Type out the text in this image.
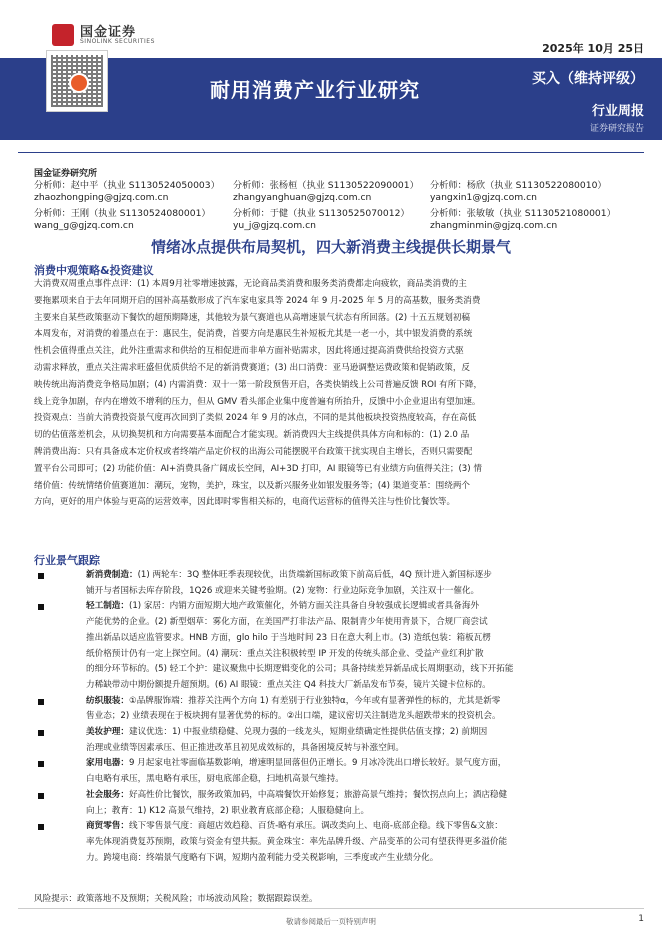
国金证券
SINOLINK SECURITIES
2025年 10月 25日
耐用消费产业行业研究	买入（维持评级）
行业周报
证券研究报告
国金证券研究所
分析师：赵中平（执业 S1130524050003）
zhaozhongping@gjzq.com.cn
分析师：张杨桓（执业 S1130522090001）
zhangyanghuan@gjzq.com.cn
分析师：杨欣（执业 S1130522080010）
yangxin1@gjzq.com.cn
分析师：王刚（执业 S1130524080001）
wang_g@gjzq.com.cn
分析师：于健（执业 S1130525070012）
yu_j@gjzq.com.cn
分析师：张敏敏（执业 S1130521080001）
zhangminmin@gjzq.com.cn
情绪冰点提供布局契机，四大新消费主线提供长期景气
消费中观策略&投资建议
大消费双周重点事件点评：(1) 本周9月社零增速披露，无论商品类消费和服务类消费都走向疲软，商品类消费的主
要拖累项来自于去年同期开启的国补高基数形成了汽车家电家具等 2024 年 9 月-2025 年 5 月的高基数，服务类消费
主要来自某些政策驱动下餐饮的超预期降速，其他较为景气赛道也从高增速景气状态有所回落。(2) 十五五规划初稿
本周发布，对消费的着墨点在于：惠民生，促消费，首要方向是惠民生补短板尤其是一老一小，其中银发消费的系统
性机会值得重点关注，此外注重需求和供给的互相促进而非单方面补贴需求，因此将通过提高消费供给投资方式驱
动需求释放，重点关注需求旺盛但优质供给不足的新消费赛道；(3) 出口消费：亚马逊调整运费政策和促销政策，反
映传统出海消费竞争格局加剧；(4) 内需消费：双十一第一阶段预售开启，各类快销线上公司普遍反馈 ROI 有所下降，
线上竞争加剧，存内在增效不增利的压力，但从 GMV 看头部企业集中度普遍有所抬升，反馈中小企业退出有望加速。
投资观点：当前大消费投资景气度再次回到了类似 2024 年 9 月的冰点，不同的是其他板块投资热度较高，存在高低
切的估值落差机会，从切换契机和方向需要基本面配合才能实现。新消费四大主线提供具体方向和标的：(1) 2.0 品
牌消费出海：只有具备成本定价权或者终端产品定价权的出海公司能摆脱平台政策干扰实现自主增长，否则只需要配
置平台公司即可；(2) 功能价值：AI+消费具备广阔成长空间，AI+3D 打印，AI 眼镜等已有业绩方向值得关注；(3) 情
绪价值：传统情绪价值赛道加：潮玩，宠物，美护，珠宝，以及新兴服务业如银发服务等；(4) 渠道变革：围绕两个
方向，更好的用户体验与更高的运营效率，因此即时零售相关标的，电商代运营标的值得关注与性价比餐饮等。
行业景气跟踪
新消费制造：(1) 两轮车：3Q 整体旺季表现较优，出货端新国标政策下前高后低，4Q 预计进入新国标逐步
铺开与者国标去库存阶段，1Q26 或迎来关键考验期。(2) 宠物：行业边际竞争加剧，关注双十一催化。
轻工制造：(1) 家居：内销方面短期大地产政策催化，外销方面关注具备自身较强成长逻辑或者具备海外
产能优势的企业。(2) 新型烟草：雾化方面，在美国严打非法产品、限制青少年使用背景下，合规厂商尝试
推出新品以适应监管要求。HNB 方面，glo hilo 于当地时间 23 日在意大利上市。(3) 造纸包装：箱板瓦楞
纸价格预计仍有一定上探空间。(4) 潮玩：重点关注积极转型 IP 开发的传统头部企业、受益产业红利扩散
的细分环节标的。(5) 轻工个护：建议聚焦中长期逻辑变化的公司；具备持续差异新品成长周期驱动，线下开拓能
力稀缺带动中期份额提升超预期。(6) AI 眼镜：重点关注 Q4 科技大厂新品发布节奏，镜片关键卡位标的。
纺织服装：①品牌服饰端：推荐关注两个方向 1) 有差别于行业独特α，今年或有显著弹性的标的，尤其是新零
售业态；2) 业绩表现在于板块拥有显著优势的标的。②出口端，建议密切关注制造龙头超跌带来的投资机会。
美妆护理：建议优选：1) 中报业绩稳健、兑现力强的一线龙头，短期业绩确定性提供估值支撑；2) 前期因
治理或业绩等因素承压、但正推进改革且初见成效标的，具备困境反转与补涨空间。
家用电器：9 月起家电社零面临基数影响，增速明显回落但仍正增长。9 月冰冷洗出口增长较好。景气度方面，
白电略有承压，黑电略有承压，厨电底部企稳，扫地机高景气维持。
社会服务：好高性价比餐饮，服务政策加码，中高端餐饮开始修复；旅游高景气维持；餐饮拐点向上；酒店稳健
向上；教育：1) K12 高景气维持，2) 职业教育底部企稳；人服稳健向上。
商贸零售：线下零售景气度：商超店效趋稳、百货-略有承压。调改类向上、电商-底部企稳。线下零售&文旅：
率先体现消费复苏预期，政策与资金有望共振。黄金珠宝：率先品牌升级、产品变革的公司有望获得更多溢价能
力。跨境电商：终端景气度略有下调，短期内盈利能力受关税影响，三季度或产生业绩分化。
风险提示：政策落地不及预期；关税风险；市场波动风险；数据跟踪误差。
敬请参阅最后一页特别声明	1
